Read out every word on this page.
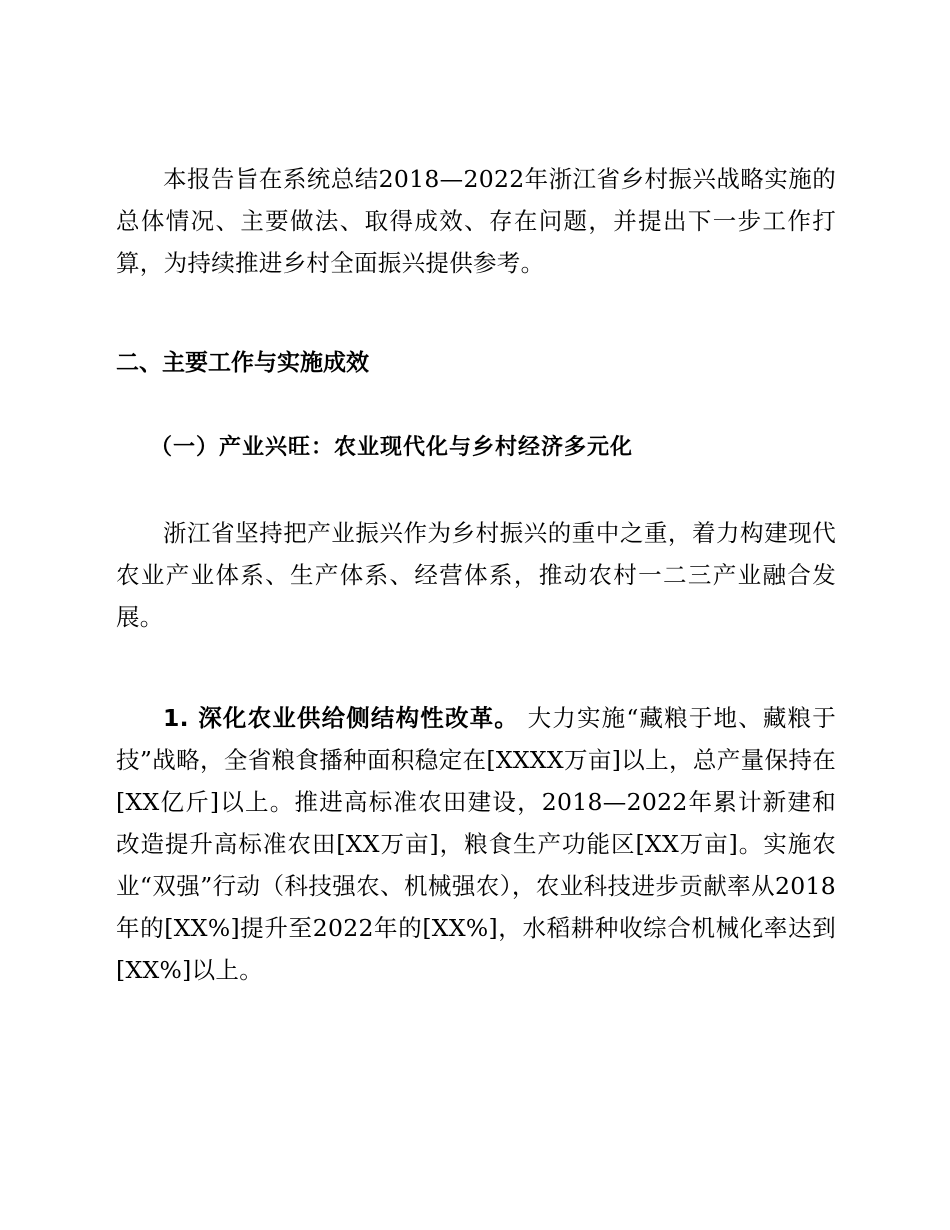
本报告旨在系统总结2018—2022年浙江省乡村振兴战略实施的总体情况、主要做法、取得成效、存在问题，并提出下一步工作打算，为持续推进乡村全面振兴提供参考。

二、主要工作与实施成效
（一）产业兴旺：农业现代化与乡村经济多元化

浙江省坚持把产业振兴作为乡村振兴的重中之重，着力构建现代农业产业体系、生产体系、经营体系，推动农村一二三产业融合发展。

1. 深化农业供给侧结构性改革。 大力实施“藏粮于地、藏粮于技”战略，全省粮食播种面积稳定在[XXXX万亩]以上，总产量保持在[XX亿斤]以上。推进高标准农田建设，2018—2022年累计新建和改造提升高标准农田[XX万亩]，粮食生产功能区[XX万亩]。实施农业“双强”行动（科技强农、机械强农），农业科技进步贡献率从2018年的[XX%]提升至2022年的[XX%]，水稻耕种收综合机械化率达到[XX%]以上。
